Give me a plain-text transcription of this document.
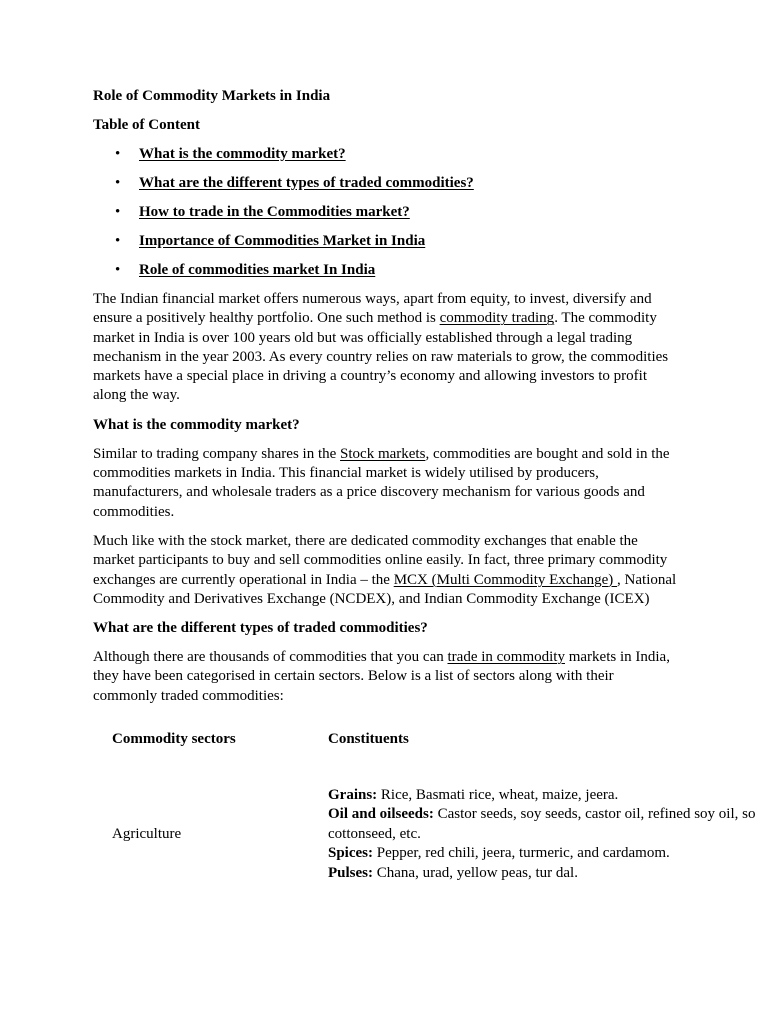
Role of Commodity Markets in India
Table of Content
• What is the commodity market?
• What are the different types of traded commodities?
• How to trade in the Commodities market?
• Importance of Commodities Market in India
• Role of commodities market In India

The Indian financial market offers numerous ways, apart from equity, to invest, diversify and ensure a positively healthy portfolio. One such method is commodity trading. The commodity market in India is over 100 years old but was officially established through a legal trading mechanism in the year 2003. As every country relies on raw materials to grow, the commodities markets have a special place in driving a country’s economy and allowing investors to profit along the way.

What is the commodity market?

Similar to trading company shares in the Stock markets, commodities are bought and sold in the commodities markets in India. This financial market is widely utilised by producers, manufacturers, and wholesale traders as a price discovery mechanism for various goods and commodities.

Much like with the stock market, there are dedicated commodity exchanges that enable the market participants to buy and sell commodities online easily. In fact, three primary commodity exchanges are currently operational in India – the MCX (Multi Commodity Exchange) , National Commodity and Derivatives Exchange (NCDEX), and Indian Commodity Exchange (ICEX)

What are the different types of traded commodities?

Although there are thousands of commodities that you can trade in commodity markets in India, they have been categorised in certain sectors. Below is a list of sectors along with their commonly traded commodities:

Commodity sectors	Constituents
Agriculture
Grains: Rice, Basmati rice, wheat, maize, jeera.
Oil and oilseeds: Castor seeds, soy seeds, castor oil, refined soy oil, so
cottonseed, etc.
Spices: Pepper, red chili, jeera, turmeric, and cardamom.
Pulses: Chana, urad, yellow peas, tur dal.
